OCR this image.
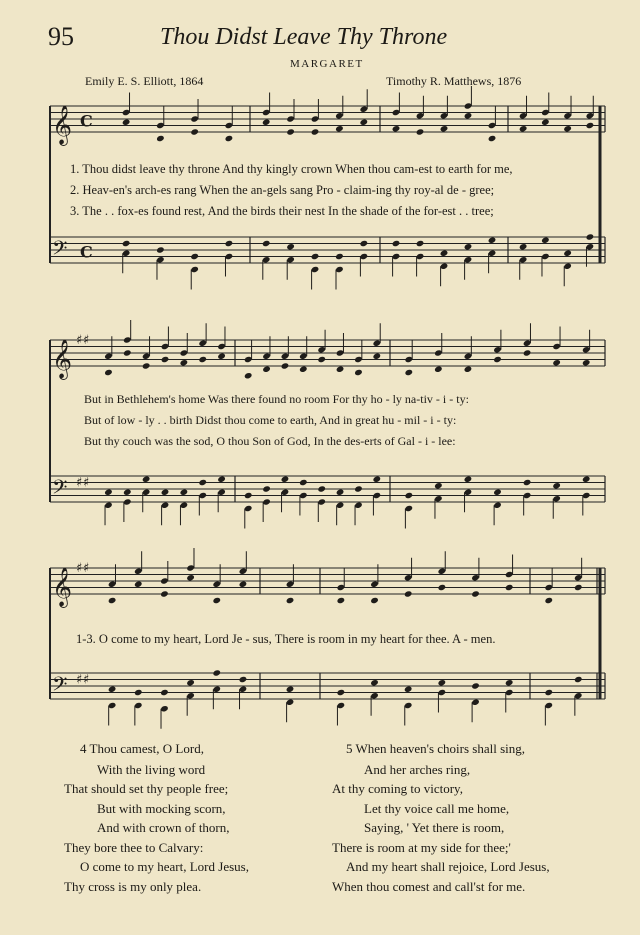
95	Thou Didst Leave Thy Throne
MARGARET
Emily E. S. Elliott, 1864	Timothy R. Matthews, 1876
𝄞 C
𝄢 C
𝄞 ♯ ♯
𝄢 ♯ ♯
𝄞 ♯ ♯
𝄢 ♯ ♯
1. Thou didst leave thy throne And thy kingly crown When thou cam-est to earth for me,
2. Heav-en's arch-es rang When the an-gels sang Pro - claim-ing thy roy-al de - gree;
3. The . . fox-es found rest, And the birds their nest In the shade of the for-est . . tree;
But in Bethlehem's home Was there found no room For thy ho - ly na-tiv - i - ty:
But of low - ly . . birth Didst thou come to earth, And in great hu - mil - i - ty:
But thy couch was the sod, O thou Son of God, In the des-erts of Gal - i - lee:
1-3. O come to my heart, Lord Je - sus, There is room in my heart for thee. A - men.
4 Thou camest, O Lord,
With the living word
That should set thy people free;
But with mocking scorn,
And with crown of thorn,
They bore thee to Calvary:
O come to my heart, Lord Jesus,
Thy cross is my only plea.
5 When heaven's choirs shall sing,
And her arches ring,
At thy coming to victory,
Let thy voice call me home,
Saying, ' Yet there is room,
There is room at my side for thee;'
And my heart shall rejoice, Lord Jesus,
When thou comest and call'st for me.
